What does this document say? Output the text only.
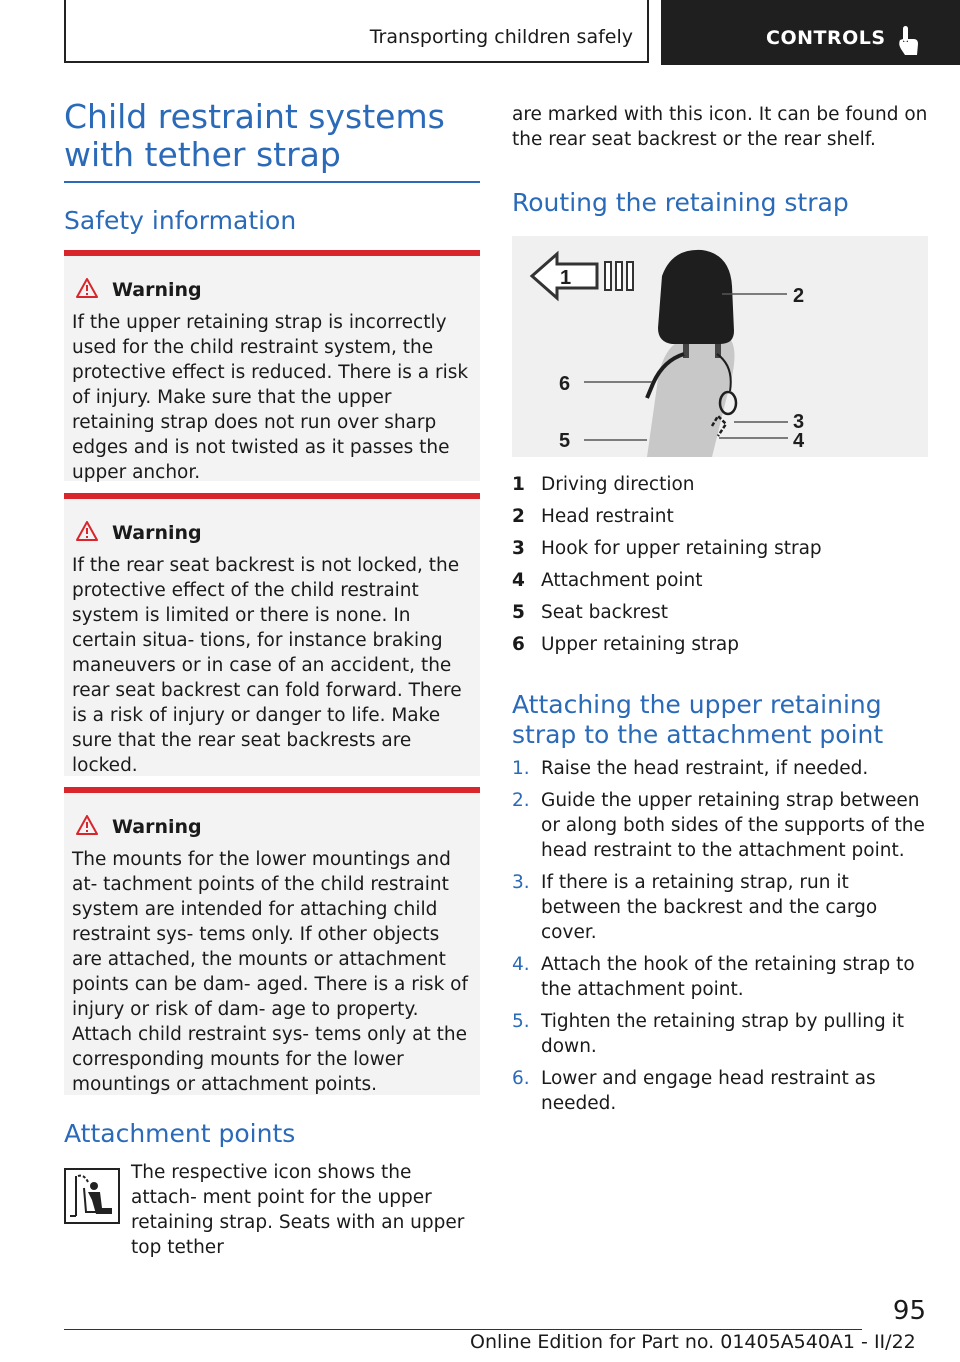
Transporting children safely	CONTROLS
Child restraint systems with tether strap
Safety information
Warning

If the upper retaining strap is incorrectly used for the child restraint system, the protective effect is reduced. There is a risk of injury. Make sure that the upper retaining strap does not run over sharp edges and is not twisted as it passes the upper anchor.

Warning

If the rear seat backrest is not locked, the protective effect of the child restraint system is limited or there is none. In certain situa‐ tions, for instance braking maneuvers or in case of an accident, the rear seat backrest can fold forward. There is a risk of injury or danger to life. Make sure that the rear seat backrests are locked.

Warning

The mounts for the lower mountings and at‐ tachment points of the child restraint system are intended for attaching child restraint sys‐ tems only. If other objects are attached, the mounts or attachment points can be dam‐ aged. There is a risk of injury or risk of dam‐ age to property. Attach child restraint sys‐ tems only at the corresponding mounts for the lower mountings or attachment points.

Attachment points

The respective icon shows the attach‐ ment point for the upper retaining strap. Seats with an upper top tether

are marked with this icon. It can be found on the rear seat backrest or the rear shelf.

Routing the retaining strap
1
2
3
4
5
6
1 Driving direction
2 Head restraint
3 Hook for upper retaining strap
4 Attachment point
5 Seat backrest
6 Upper retaining strap
Attaching the upper retaining strap to the attachment point
1. Raise the head restraint, if needed.
2. Guide the upper retaining strap between or along both sides of the supports of the head restraint to the attachment point.
3. If there is a retaining strap, run it between the backrest and the cargo cover.
4. Attach the hook of the retaining strap to the attachment point.
5. Tighten the retaining strap by pulling it down.
6. Lower and engage head restraint as needed.
95
Online Edition for Part no. 01405A540A1 - II/22
